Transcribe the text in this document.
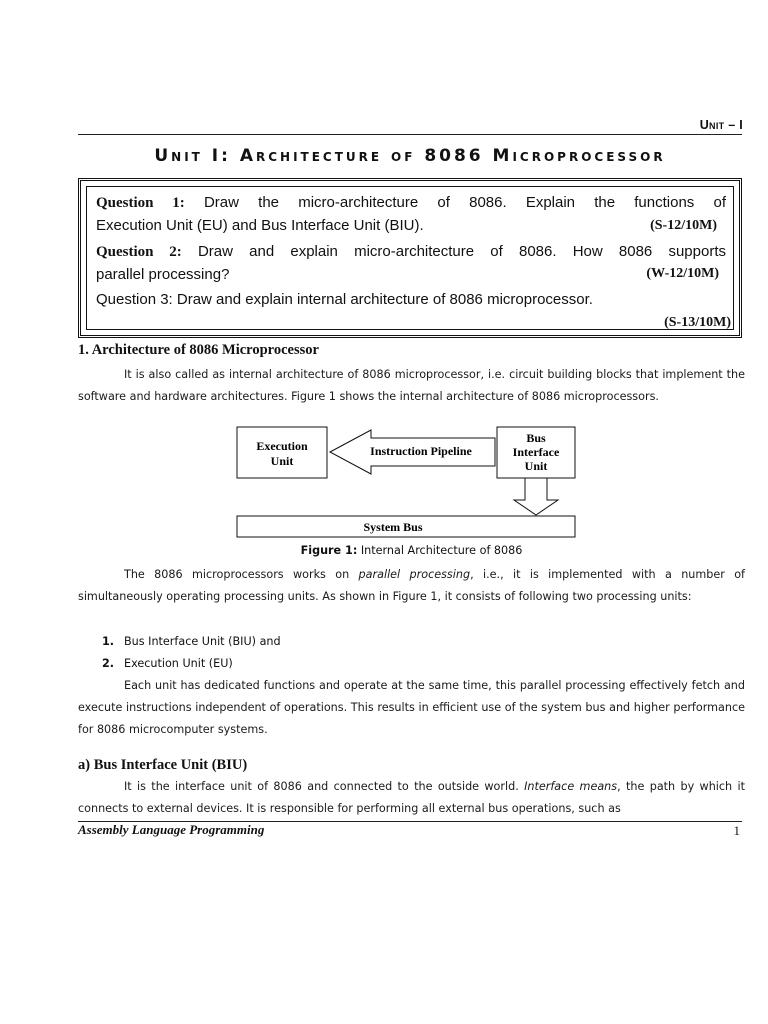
Unit – I
Unit I: Architecture of 8086 Microprocessor
Question 1: Draw the micro-architecture of 8086. Explain the functions of
Execution Unit (EU) and Bus Interface Unit (BIU).	(S-12/10M)
Question 2: Draw and explain micro-architecture of 8086. How 8086 supports
parallel processing?	(W-12/10M)
Question 3: Draw and explain internal architecture of 8086 microprocessor.
(S-13/10M)
1. Architecture of 8086 Microprocessor
It is also called as internal architecture of 8086 microprocessor, i.e. circuit building blocks that implement the software and hardware architectures. Figure 1 shows the internal architecture of 8086 microprocessors.
Execution
Unit
Bus
Interface
Unit
Instruction Pipeline
System Bus
Figure 1: Internal Architecture of 8086
The 8086 microprocessors works on parallel processing, i.e., it is implemented with a number of simultaneously operating processing units. As shown in Figure 1, it consists of following two processing units:
1. Bus Interface Unit (BIU) and
2. Execution Unit (EU)
Each unit has dedicated functions and operate at the same time, this parallel processing effectively fetch and execute instructions independent of operations. This results in efficient use of the system bus and higher performance for 8086 microcomputer systems.
a) Bus Interface Unit (BIU)
It is the interface unit of 8086 and connected to the outside world. Interface means, the path by which it connects to external devices. It is responsible for performing all external bus operations, such as
Assembly Language Programming	1
